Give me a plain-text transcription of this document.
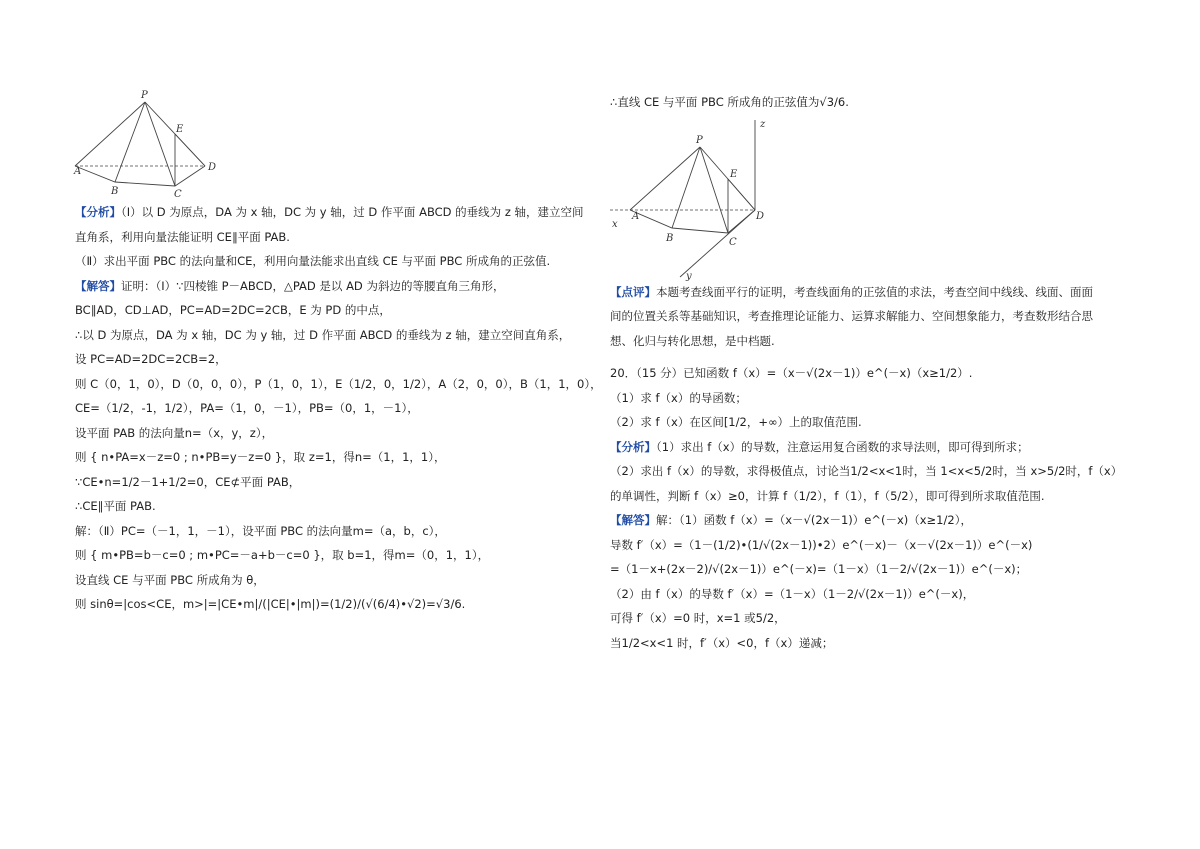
P
E
A
B	C
D
【分析】（Ⅰ）以 D 为原点，DA 为 x 轴，DC 为 y 轴，过 D 作平面 ABCD 的垂线为 z 轴，建立空间
直角系，利用向量法能证明 CE∥平面 PAB.
（Ⅱ）求出平面 PBC 的法向量和CE，利用向量法能求出直线 CE 与平面 PBC 所成角的正弦值.
【解答】证明：（Ⅰ）∵四棱锥 P－ABCD，△PAD 是以 AD 为斜边的等腰直角三角形，
BC∥AD，CD⊥AD，PC=AD=2DC=2CB，E 为 PD 的中点，
∴以 D 为原点，DA 为 x 轴，DC 为 y 轴，过 D 作平面 ABCD 的垂线为 z 轴，建立空间直角系，
设 PC=AD=2DC=2CB=2，
则 C（0，1，0），D（0，0，0），P（1，0，1），E（1/2，0，1/2），A（2，0，0），B（1，1，0），
CE=（1/2，-1，1/2），PA=（1，0，－1），PB=（0，1，－1），
设平面 PAB 的法向量n=（x，y，z），
则 { n•PA=x－z=0 ; n•PB=y－z=0 }，取 z=1，得n=（1，1，1），
∵CE•n=1/2－1+1/2=0，CE⊄平面 PAB，
∴CE∥平面 PAB.
解：（Ⅱ）PC=（－1，1，－1），设平面 PBC 的法向量m=（a，b，c），
则 { m•PB=b－c=0 ; m•PC=－a+b－c=0 }，取 b=1，得m=（0，1，1），
设直线 CE 与平面 PBC 所成角为 θ，
则 sinθ=|cos<CE，m>|=|CE•m|/(|CE|•|m|)=(1/2)/(√(6/4)•√2)=√3/6.
∴直线 CE 与平面 PBC 所成角的正弦值为√3/6.
P
E
A
B	C
D
x
y
z
【点评】本题考查线面平行的证明，考查线面角的正弦值的求法，考查空间中线线、线面、面面
间的位置关系等基础知识，考查推理论证能力、运算求解能力、空间想象能力，考查数形结合思
想、化归与转化思想，是中档题.
20．（15 分）已知函数 f（x）=（x－√(2x－1)）e^(－x)（x≥1/2）.
（1）求 f（x）的导函数；
（2）求 f（x）在区间[1/2，+∞）上的取值范围.
【分析】（1）求出 f（x）的导数，注意运用复合函数的求导法则，即可得到所求；
（2）求出 f（x）的导数，求得极值点，讨论当1/2<x<1时，当 1<x<5/2时，当 x>5/2时，f（x）
的单调性，判断 f（x）≥0，计算 f（1/2），f（1），f（5/2），即可得到所求取值范围.
【解答】解：（1）函数 f（x）=（x－√(2x－1)）e^(－x)（x≥1/2），
导数 f′（x）=（1－(1/2)•(1/√(2x－1))•2）e^(－x)－（x－√(2x－1)）e^(－x)
=（1－x+(2x－2)/√(2x－1)）e^(－x)=（1－x）（1－2/√(2x－1)）e^(－x)；
（2）由 f（x）的导数 f′（x）=（1－x）（1－2/√(2x－1)）e^(－x)，
可得 f′（x）=0 时，x=1 或5/2，
当1/2<x<1 时，f′（x）<0，f（x）递减；
